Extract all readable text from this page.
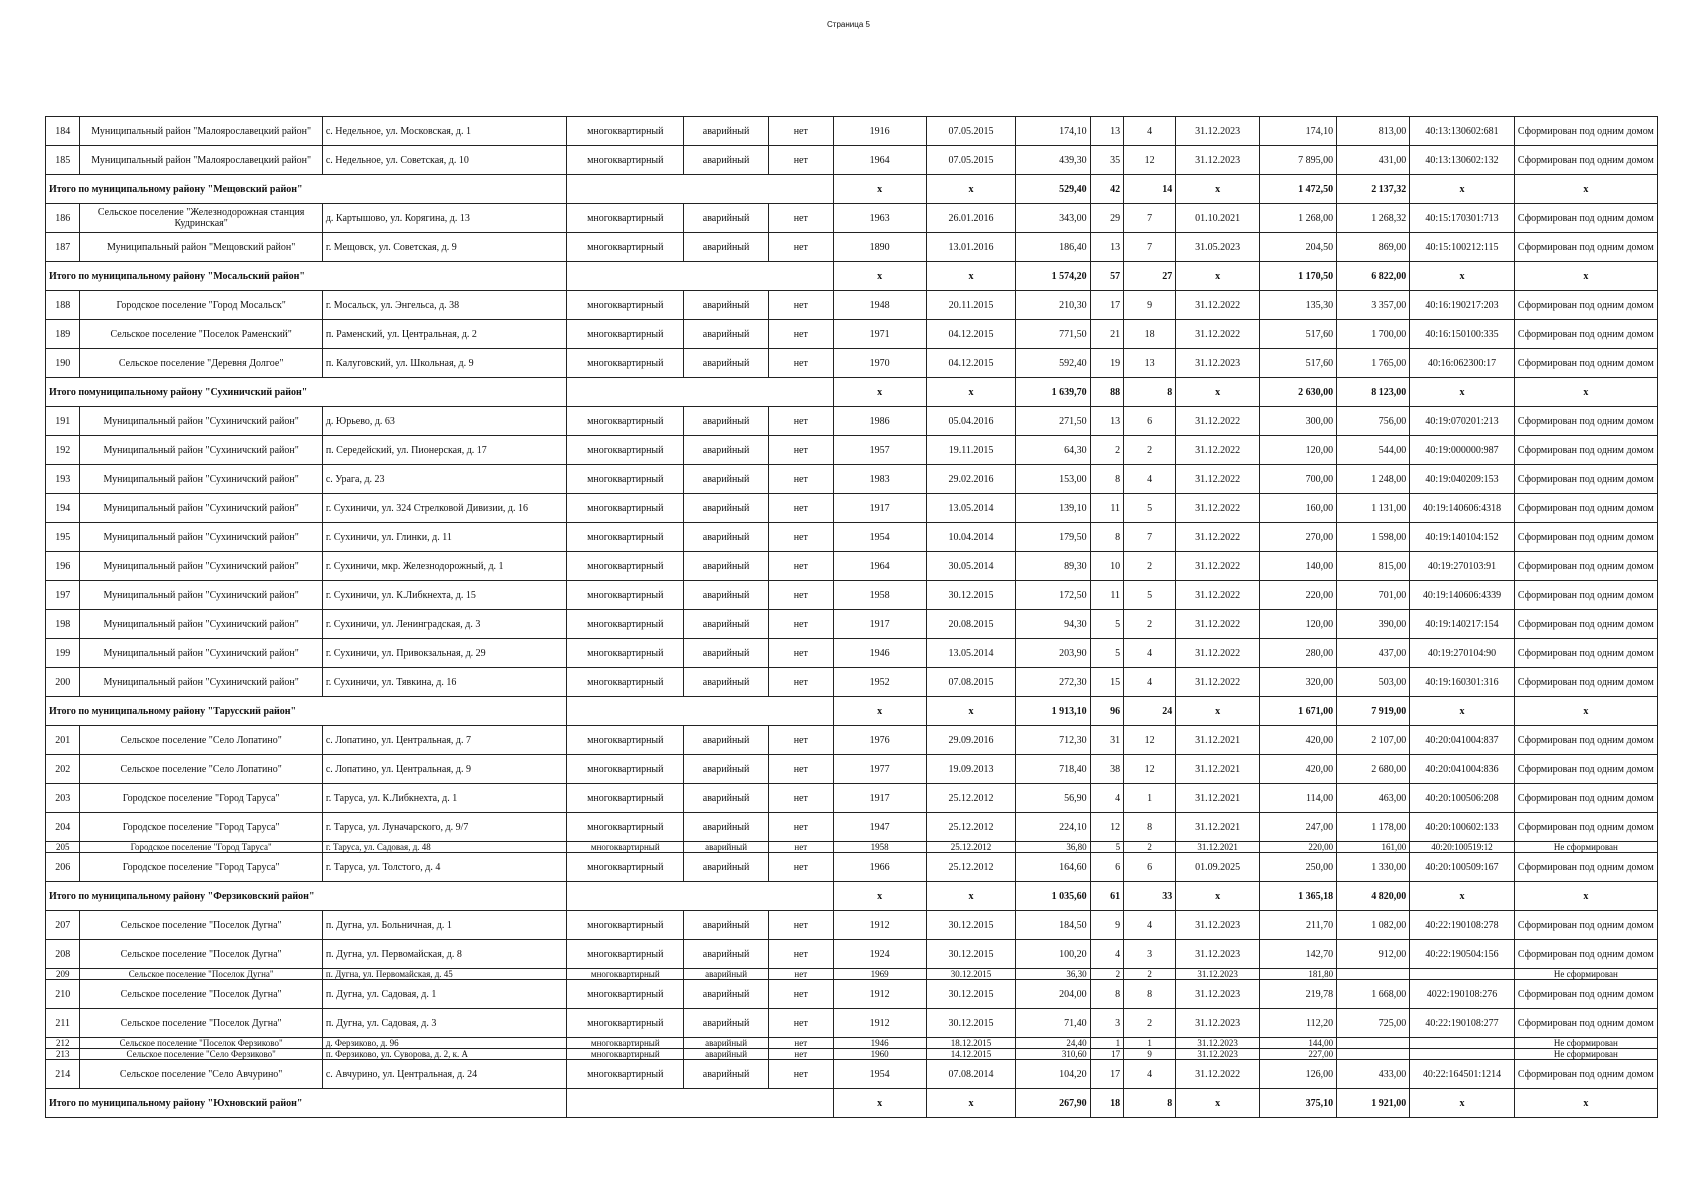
Страница 5
184	Муниципальный район "Малоярославецкий район"	с. Недельное, ул. Московская, д. 1	многоквартирный	аварийный	нет	1916	07.05.2015	174,10	13	4	31.12.2023	174,10	813,00	40:13:130602:681	Сформирован под одним домом
185	Муниципальный район "Малоярославецкий район"	с. Недельное, ул. Советская, д. 10	многоквартирный	аварийный	нет	1964	07.05.2015	439,30	35	12	31.12.2023	7 895,00	431,00	40:13:130602:132	Сформирован под одним домом
Итого по муниципальному району "Мещовский район"						x	x	529,40	42	14	x	1 472,50	2 137,32	x	x
186	Сельское поселение "Железнодорожная станция Кудринская"	д. Картышово, ул. Корягина, д. 13	многоквартирный	аварийный	нет	1963	26.01.2016	343,00	29	7	01.10.2021	1 268,00	1 268,32	40:15:170301:713	Сформирован под одним домом
187	Муниципальный район "Мещовский район"	г. Мещовск, ул. Советская, д. 9	многоквартирный	аварийный	нет	1890	13.01.2016	186,40	13	7	31.05.2023	204,50	869,00	40:15:100212:115	Сформирован под одним домом
Итого по муниципальному району "Мосальский район"						x	x	1 574,20	57	27	x	1 170,50	6 822,00	x	x
188	Городское поселение "Город Мосальск"	г. Мосальск, ул. Энгельса, д. 38	многоквартирный	аварийный	нет	1948	20.11.2015	210,30	17	9	31.12.2022	135,30	3 357,00	40:16:190217:203	Сформирован под одним домом
189	Сельское поселение "Поселок Раменский"	п. Раменский, ул. Центральная, д. 2	многоквартирный	аварийный	нет	1971	04.12.2015	771,50	21	18	31.12.2022	517,60	1 700,00	40:16:150100:335	Сформирован под одним домом
190	Сельское поселение "Деревня Долгое"	п. Калуговский, ул. Школьная, д. 9	многоквартирный	аварийный	нет	1970	04.12.2015	592,40	19	13	31.12.2023	517,60	1 765,00	40:16:062300:17	Сформирован под одним домом
Итого помуниципальному району "Сухиничский район"						x	x	1 639,70	88	8	x	2 630,00	8 123,00	x	x
191	Муниципальный район "Сухиничский район"	д. Юрьево, д. 63	многоквартирный	аварийный	нет	1986	05.04.2016	271,50	13	6	31.12.2022	300,00	756,00	40:19:070201:213	Сформирован под одним домом
192	Муниципальный район "Сухиничский район"	п. Середейский, ул. Пионерская, д. 17	многоквартирный	аварийный	нет	1957	19.11.2015	64,30	2	2	31.12.2022	120,00	544,00	40:19:000000:987	Сформирован под одним домом
193	Муниципальный район "Сухиничский район"	с. Урага, д. 23	многоквартирный	аварийный	нет	1983	29.02.2016	153,00	8	4	31.12.2022	700,00	1 248,00	40:19:040209:153	Сформирован под одним домом
194	Муниципальный район "Сухиничский район"	г. Сухиничи, ул. 324 Стрелковой Дивизии, д. 16	многоквартирный	аварийный	нет	1917	13.05.2014	139,10	11	5	31.12.2022	160,00	1 131,00	40:19:140606:4318	Сформирован под одним домом
195	Муниципальный район "Сухиничский район"	г. Сухиничи, ул. Глинки, д. 11	многоквартирный	аварийный	нет	1954	10.04.2014	179,50	8	7	31.12.2022	270,00	1 598,00	40:19:140104:152	Сформирован под одним домом
196	Муниципальный район "Сухиничский район"	г. Сухиничи, мкр. Железнодорожный, д. 1	многоквартирный	аварийный	нет	1964	30.05.2014	89,30	10	2	31.12.2022	140,00	815,00	40:19:270103:91	Сформирован под одним домом
197	Муниципальный район "Сухиничский район"	г. Сухиничи, ул. К.Либкнехта, д. 15	многоквартирный	аварийный	нет	1958	30.12.2015	172,50	11	5	31.12.2022	220,00	701,00	40:19:140606:4339	Сформирован под одним домом
198	Муниципальный район "Сухиничский район"	г. Сухиничи, ул. Ленинградская, д. 3	многоквартирный	аварийный	нет	1917	20.08.2015	94,30	5	2	31.12.2022	120,00	390,00	40:19:140217:154	Сформирован под одним домом
199	Муниципальный район "Сухиничский район"	г. Сухиничи, ул. Привокзальная, д. 29	многоквартирный	аварийный	нет	1946	13.05.2014	203,90	5	4	31.12.2022	280,00	437,00	40:19:270104:90	Сформирован под одним домом
200	Муниципальный район "Сухиничский район"	г. Сухиничи, ул. Тявкина, д. 16	многоквартирный	аварийный	нет	1952	07.08.2015	272,30	15	4	31.12.2022	320,00	503,00	40:19:160301:316	Сформирован под одним домом
Итого по муниципальному району "Тарусский район"						x	x	1 913,10	96	24	x	1 671,00	7 919,00	x	x
201	Сельское поселение "Село Лопатино"	с. Лопатино, ул. Центральная, д. 7	многоквартирный	аварийный	нет	1976	29.09.2016	712,30	31	12	31.12.2021	420,00	2 107,00	40:20:041004:837	Сформирован под одним домом
202	Сельское поселение "Село Лопатино"	с. Лопатино, ул. Центральная, д. 9	многоквартирный	аварийный	нет	1977	19.09.2013	718,40	38	12	31.12.2021	420,00	2 680,00	40:20:041004:836	Сформирован под одним домом
203	Городское поселение "Город Таруса"	г. Таруса, ул. К.Либкнехта, д. 1	многоквартирный	аварийный	нет	1917	25.12.2012	56,90	4	1	31.12.2021	114,00	463,00	40:20:100506:208	Сформирован под одним домом
204	Городское поселение "Город Таруса"	г. Таруса, ул. Луначарского, д. 9/7	многоквартирный	аварийный	нет	1947	25.12.2012	224,10	12	8	31.12.2021	247,00	1 178,00	40:20:100602:133	Сформирован под одним домом
205	Городское поселение "Город Таруса"	г. Таруса, ул. Садовая, д. 48	многоквартирный	аварийный	нет	1958	25.12.2012	36,80	5	2	31.12.2021	220,00	161,00	40:20:100519:12	Не сформирован
206	Городское поселение "Город Таруса"	г. Таруса, ул. Толстого, д. 4	многоквартирный	аварийный	нет	1966	25.12.2012	164,60	6	6	01.09.2025	250,00	1 330,00	40:20:100509:167	Сформирован под одним домом
Итого по муниципальному району "Ферзиковский район"						x	x	1 035,60	61	33	x	1 365,18	4 820,00	x	x
207	Сельское поселение "Поселок Дугна"	п. Дугна, ул. Больничная, д. 1	многоквартирный	аварийный	нет	1912	30.12.2015	184,50	9	4	31.12.2023	211,70	1 082,00	40:22:190108:278	Сформирован под одним домом
208	Сельское поселение "Поселок Дугна"	п. Дугна, ул. Первомайская, д. 8	многоквартирный	аварийный	нет	1924	30.12.2015	100,20	4	3	31.12.2023	142,70	912,00	40:22:190504:156	Сформирован под одним домом
209	Сельское поселение "Поселок Дугна"	п. Дугна, ул. Первомайская, д. 45	многоквартирный	аварийный	нет	1969	30.12.2015	36,30	2	2	31.12.2023	181,80			Не сформирован
210	Сельское поселение "Поселок Дугна"	п. Дугна, ул. Садовая, д. 1	многоквартирный	аварийный	нет	1912	30.12.2015	204,00	8	8	31.12.2023	219,78	1 668,00	4022:190108:276	Сформирован под одним домом
211	Сельское поселение "Поселок Дугна"	п. Дугна, ул. Садовая, д. 3	многоквартирный	аварийный	нет	1912	30.12.2015	71,40	3	2	31.12.2023	112,20	725,00	40:22:190108:277	Сформирован под одним домом
212	Сельское поселение "Поселок Ферзиково"	д. Ферзиково, д. 96	многоквартирный	аварийный	нет	1946	18.12.2015	24,40	1	1	31.12.2023	144,00			Не сформирован
213	Сельское поселение "Село Ферзиково"	п. Ферзиково, ул. Суворова, д. 2, к. А	многоквартирный	аварийный	нет	1960	14.12.2015	310,60	17	9	31.12.2023	227,00			Не сформирован
214	Сельское поселение "Село Авчурино"	с. Авчурино, ул. Центральная, д. 24	многоквартирный	аварийный	нет	1954	07.08.2014	104,20	17	4	31.12.2022	126,00	433,00	40:22:164501:1214	Сформирован под одним домом
Итого по муниципальному району "Юхновский район"						x	x	267,90	18	8	x	375,10	1 921,00	x	x
